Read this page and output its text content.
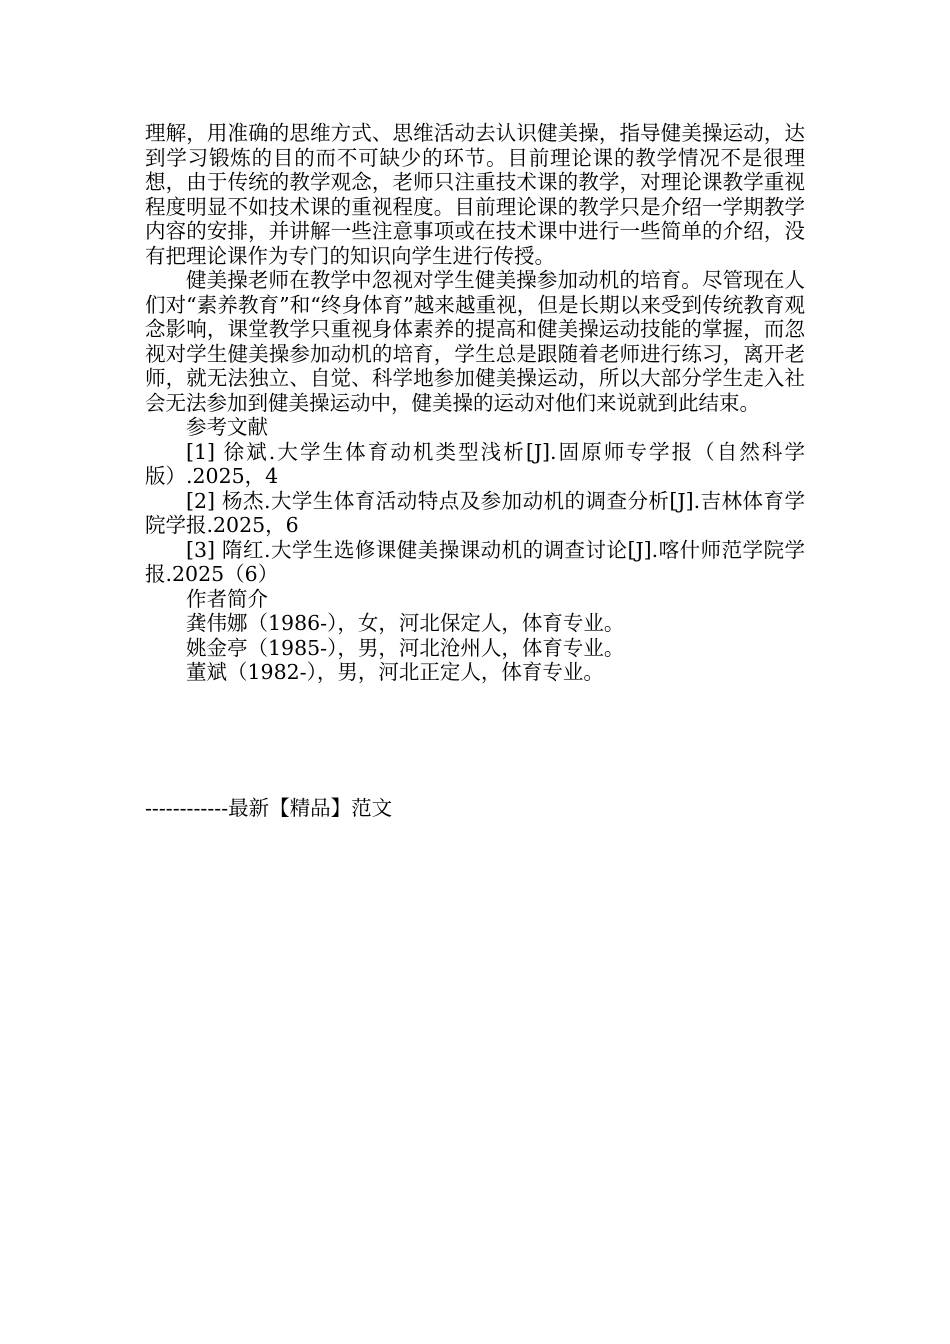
理解，用准确的思维方式、思维活动去认识健美操，指导健美操运动，达到学习锻炼的目的而不可缺少的环节。目前理论课的教学情况不是很理想，由于传统的教学观念，老师只注重技术课的教学，对理论课教学重视程度明显不如技术课的重视程度。目前理论课的教学只是介绍一学期教学内容的安排，并讲解一些注意事项或在技术课中进行一些简单的介绍，没有把理论课作为专门的知识向学生进行传授。

健美操老师在教学中忽视对学生健美操参加动机的培育。尽管现在人们对“素养教育”和“终身体育”越来越重视，但是长期以来受到传统教育观念影响，课堂教学只重视身体素养的提高和健美操运动技能的掌握，而忽视对学生健美操参加动机的培育，学生总是跟随着老师进行练习，离开老师，就无法独立、自觉、科学地参加健美操运动，所以大部分学生走入社会无法参加到健美操运动中，健美操的运动对他们来说就到此结束。

参考文献

[1] 徐斌.大学生体育动机类型浅析[J].固原师专学报（自然科学版）.2025，4

[2] 杨杰.大学生体育活动特点及参加动机的调查分析[J].吉林体育学院学报.2025，6

[3] 隋红.大学生选修课健美操课动机的调查讨论[J].喀什师范学院学报.2025（6）

作者简介

龚伟娜（1986-），女，河北保定人，体育专业。

姚金亭（1985-），男，河北沧州人，体育专业。

董斌（1982-），男，河北正定人，体育专业。

------------最新【精品】范文
